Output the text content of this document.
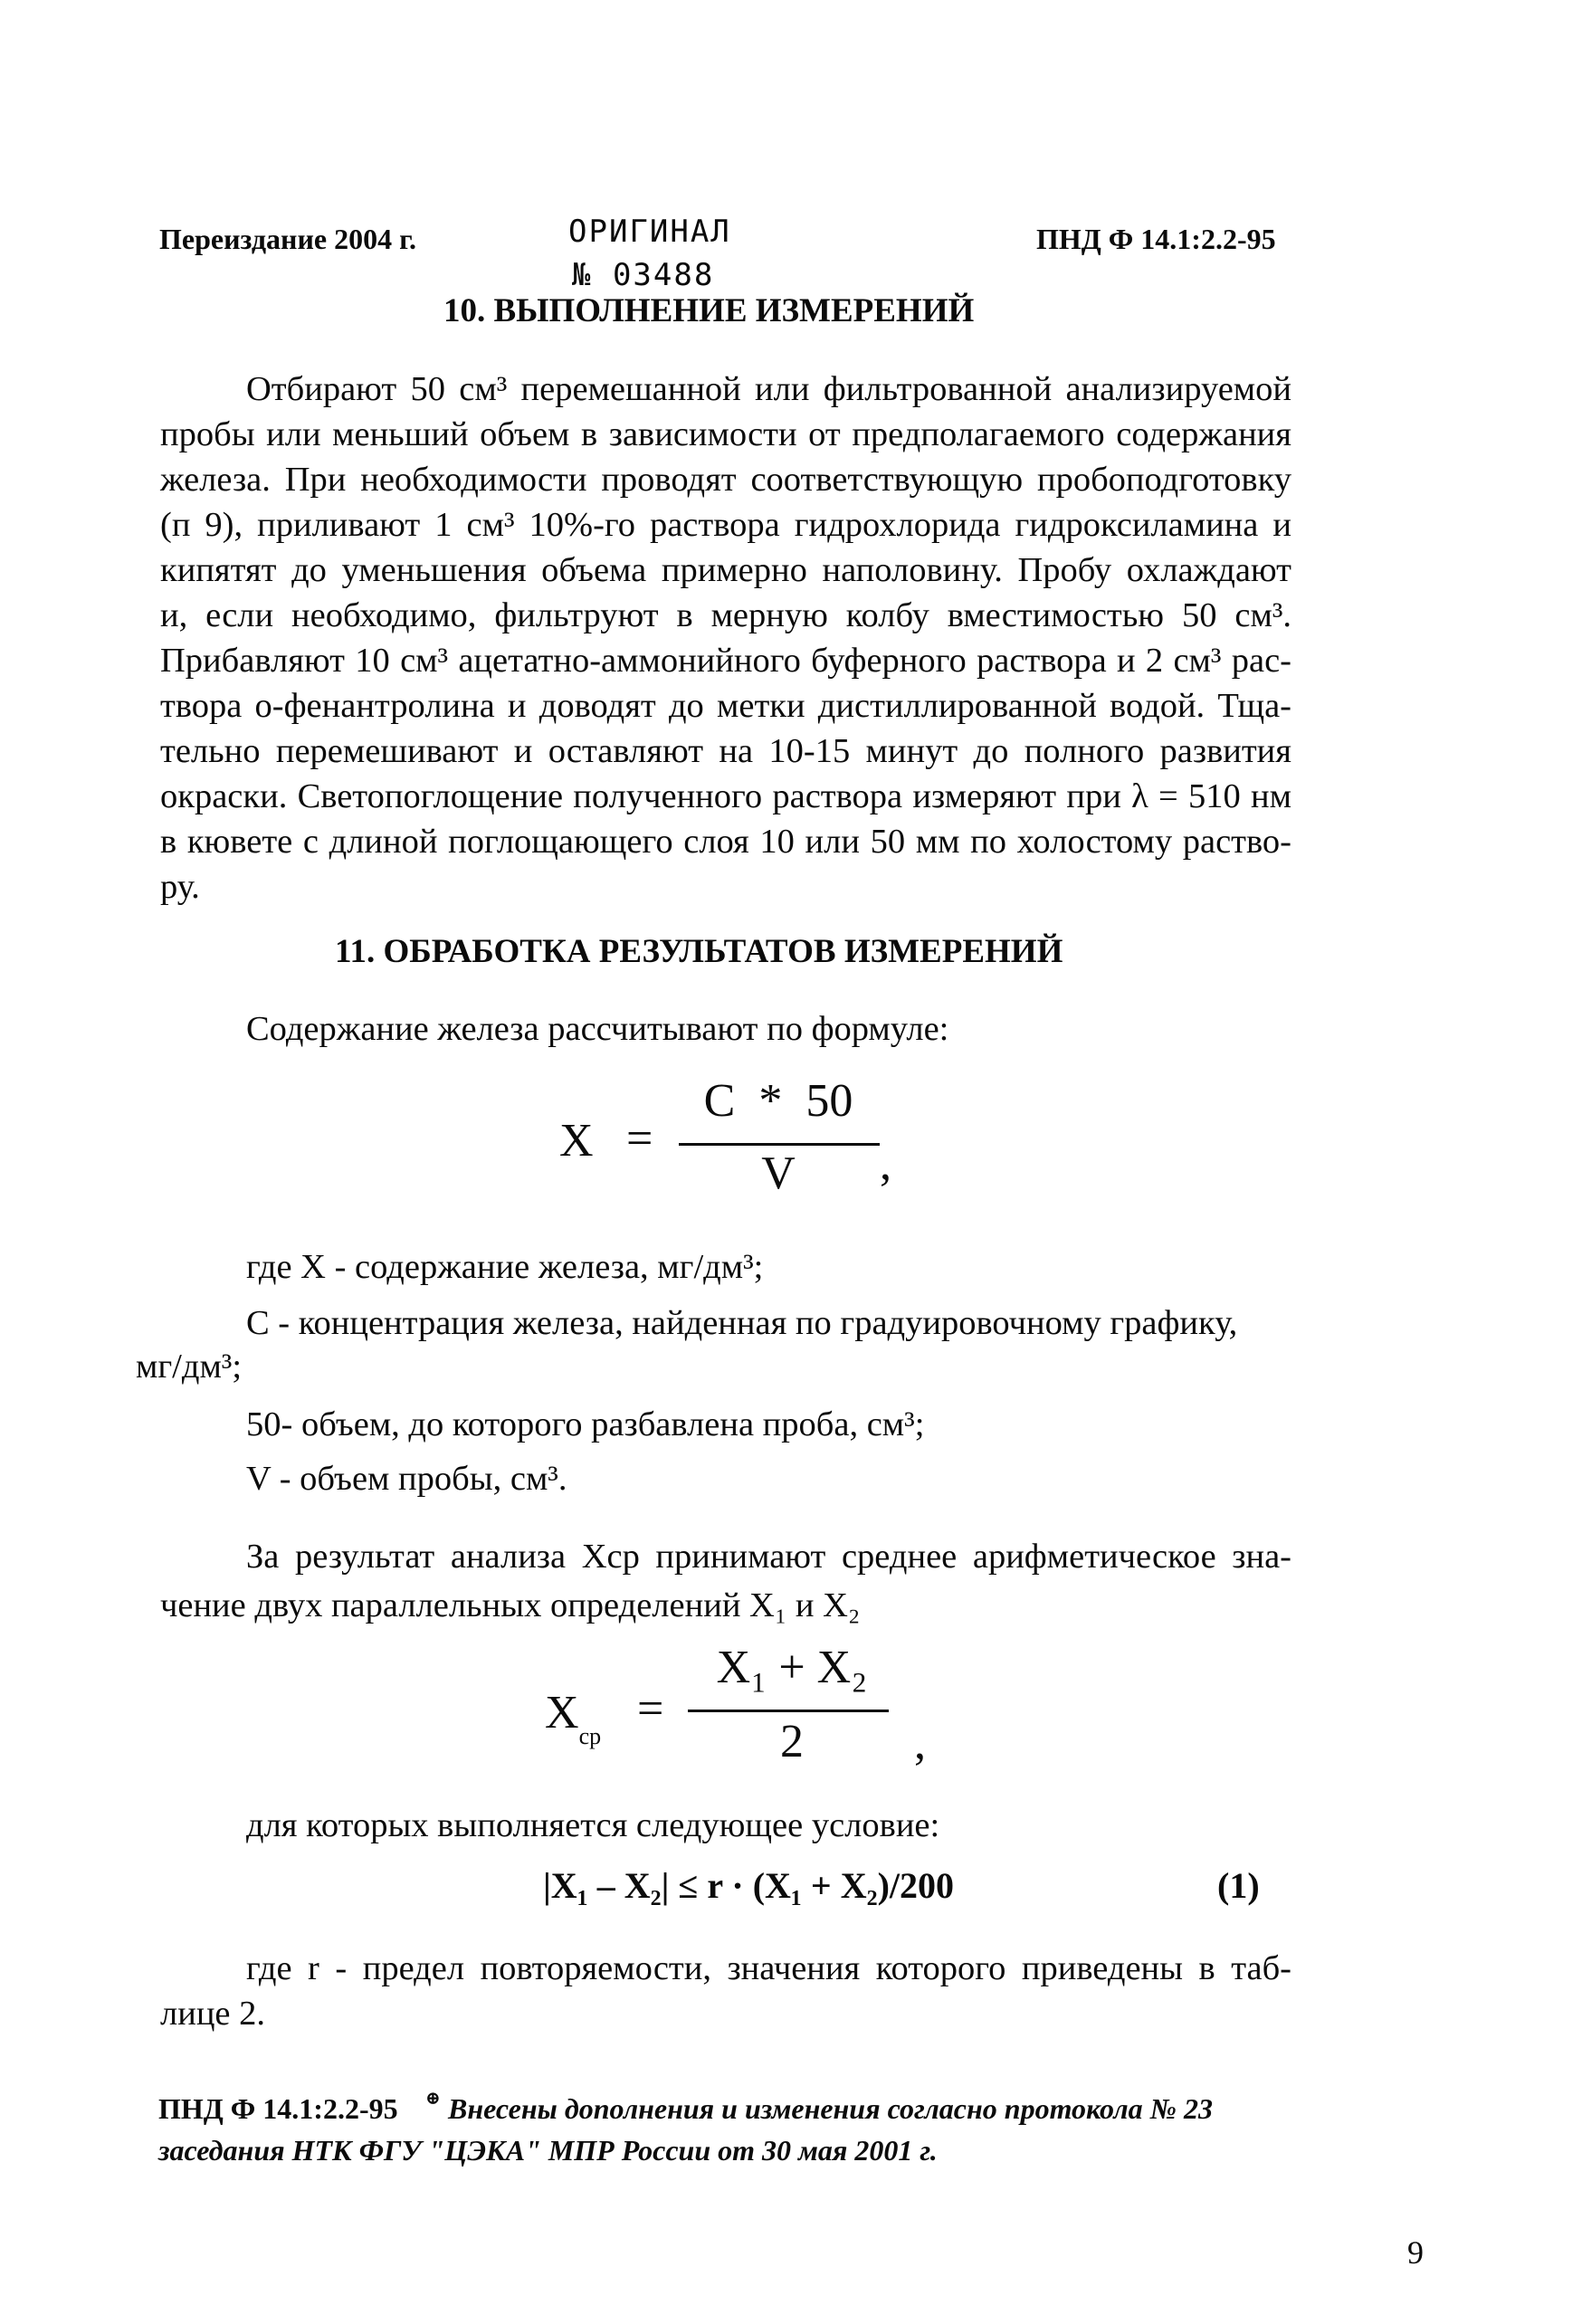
Переиздание 2004 г.	ОРИГИНАЛ
№ 03488
ПНД Ф 14.1:2.2-95
10. ВЫПОЛНЕНИЕ ИЗМЕРЕНИЙ
Отбирают 50 см³ перемешанной или фильтрованной анализируемой
пробы или меньший объем в зависимости от предполагаемого содержания
железа. При необходимости проводят соответствующую пробоподготовку
(п 9), приливают 1 см³ 10%-го раствора гидрохлорида гидроксиламина и
кипятят до уменьшения объема примерно наполовину. Пробу охлаждают
и, если необходимо, фильтруют в мерную колбу вместимостью 50 см³.
Прибавляют 10 см³ ацетатно-аммонийного буферного раствора и 2 см³ рас-
твора о-фенантролина и доводят до метки дистиллированной водой. Тща-
тельно перемешивают и оставляют на 10-15 минут до полного развития
окраски. Светопоглощение полученного раствора измеряют при λ = 510 нм
в кювете с длиной поглощающего слоя 10 или 50 мм по холостому раство-
ру.
11. ОБРАБОТКА РЕЗУЛЬТАТОВ ИЗМЕРЕНИЙ
Содержание железа рассчитывают по формуле:
X =
C  *  50
V	,
где X - содержание железа, мг/дм³;
С - концентрация железа, найденная по градуировочному графику,
мг/дм³;
50- объем, до которого разбавлена проба, см³;
V - объем пробы, см³.
За результат анализа Xср принимают среднее арифметическое зна-
чение двух параллельных определений X₁ и X₂
$X_{ср}$
=
X₁ + X₂
2	,
для которых выполняется следующее условие:
|X₁ – X₂| ≤ r · (X₁ + X₂)/200	(1)
где r - предел повторяемости, значения которого приведены в таб-
лице 2.
ПНД Ф 14.1:2.2-95 ⊕ Внесены дополнения и изменения согласно протокола № 23
заседания НТК ФГУ "ЦЭКА" МПР России от 30 мая 2001 г.
9
